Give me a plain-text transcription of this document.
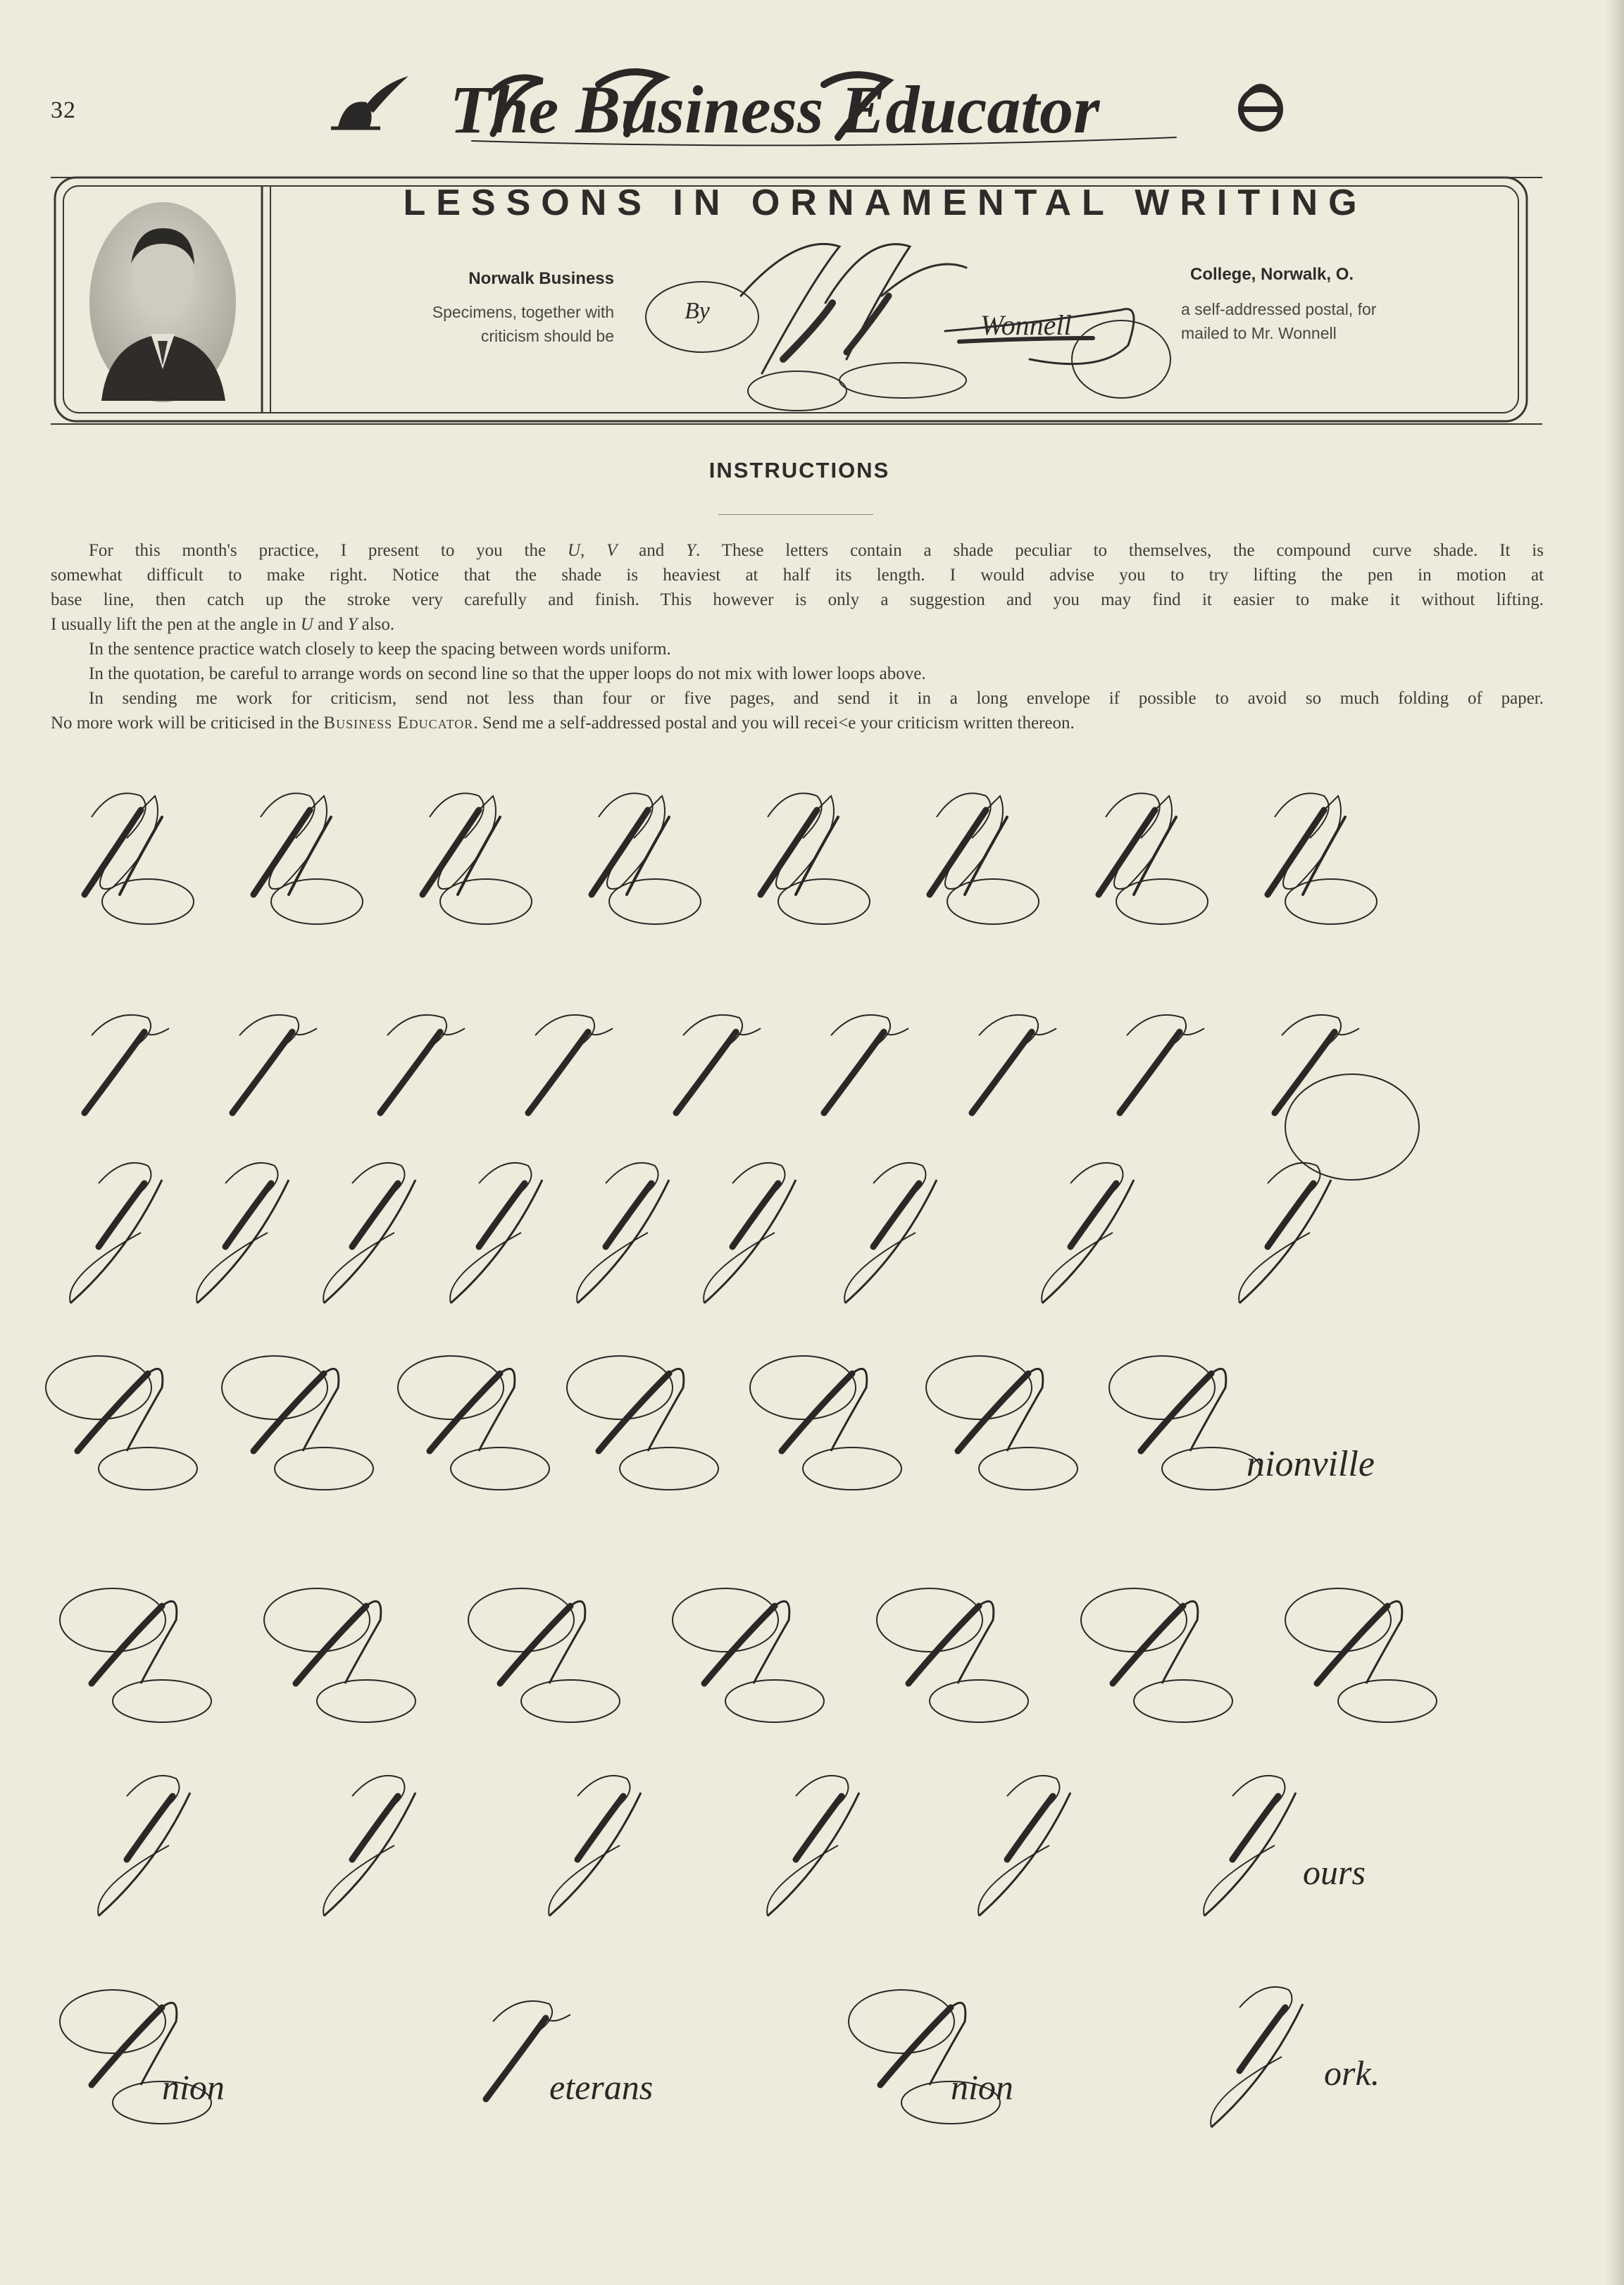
32	The Business Educator
LESSONS IN ORNAMENTAL WRITING
Norwalk Business
Specimens, together with
criticism should be
By	Wonnell
College, Norwalk, O.
a self-addressed postal, for
mailed to Mr. Wonnell
INSTRUCTIONS

For this month's practice, I present to you the U, V and Y. These letters contain a shade peculiar to themselves, the compound curve shade. It is

somewhat difficult to make right. Notice that the shade is heaviest at half its length. I would advise you to try lifting the pen in motion at

base line, then catch up the stroke very carefully and finish. This however is only a suggestion and you may find it easier to make it without lifting.

I usually lift the pen at the angle in U and Y also.

In the sentence practice watch closely to keep the spacing between words uniform.

In the quotation, be careful to arrange words on second line so that the upper loops do not mix with lower loops above.

In sending me work for criticism, send not less than four or five pages, and send it in a long envelope if possible to avoid so much folding of paper.

No more work will be criticised in the Business Educator. Send me a self-addressed postal and you will recei<e your criticism written thereon.

nionville
ours
nion	eterans	nion	ork.
